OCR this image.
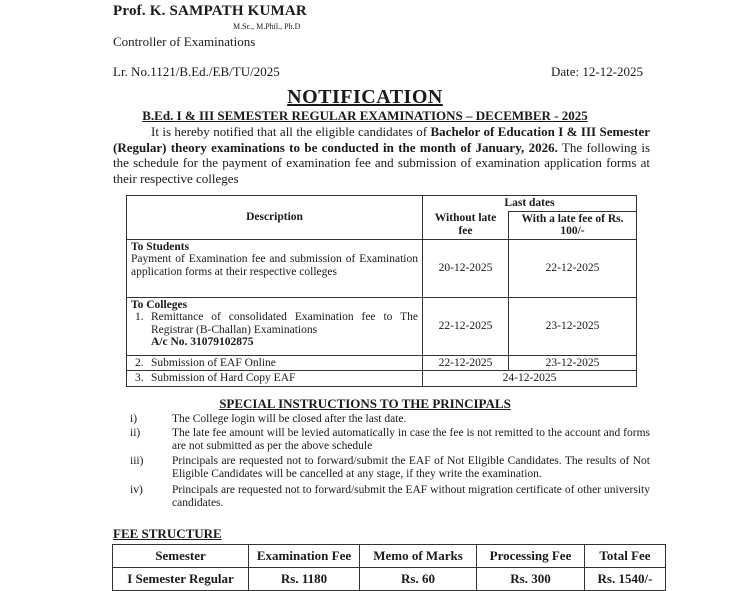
Prof. K. SAMPATH KUMAR
M.Sc., M.Phil., Ph.D
Controller of Examinations
Lr. No.1121/B.Ed./EB/TU/2025	Date: 12-12-2025
NOTIFICATION
B.Ed. I & III SEMESTER REGULAR EXAMINATIONS – DECEMBER - 2025
It is hereby notified that all the eligible candidates of Bachelor of Education I & III Semester (Regular) theory examinations to be conducted in the month of January, 2026. The following is the schedule for the payment of examination fee and submission of examination application forms at their respective colleges
Description	Last dates	
	Without late fee	With a late fee of Rs. 100/-
To Students
Payment of Examination fee and submission of Examination application forms at their respective colleges	20-12-2025	22-12-2025
To Colleges
1. Remittance of consolidated Examination fee to The Registrar (B-Challan) Examinations
A/c No. 31079102875	22-12-2025	23-12-2025

2. Submission of EAF Online	22-12-2025	23-12-2025

3. Submission of Hard Copy EAF	24-12-2025	
SPECIAL INSTRUCTIONS TO THE PRINCIPALS
i)	The College login will be closed after the last date.
ii)	The late fee amount will be levied automatically in case the fee is not remitted to the account and forms are not submitted as per the above schedule
iii) Principals are requested not to forward/submit the EAF of Not Eligible Candidates. The results of Not Eligible Candidates will be cancelled at any stage, if they write the examination.
iv)	Principals are requested not to forward/submit the EAF without migration certificate of other university candidates.
FEE STRUCTURE
Semester	Examination Fee	Memo of Marks	Processing Fee	Total Fee
I Semester Regular	Rs. 1180	Rs. 60	Rs. 300	Rs. 1540/-
